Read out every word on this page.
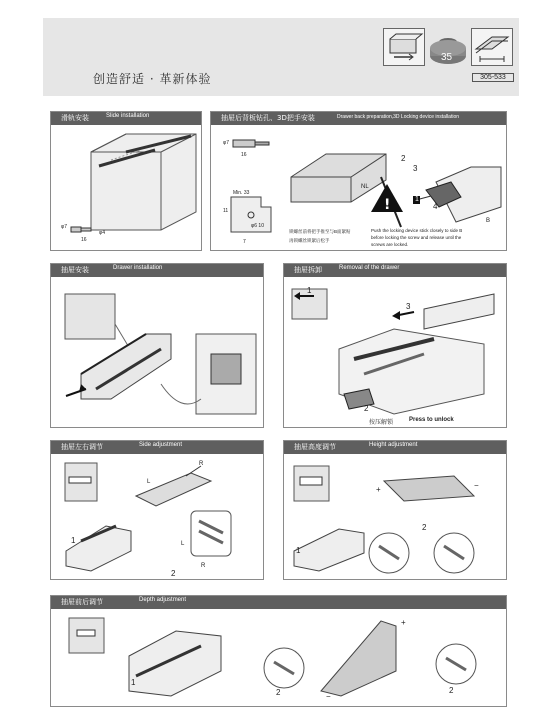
创造舒适 · 革新体验
35
305-533
滑轨安装	Slide installation
φ7
16
φ4
抽屉后背板钻孔、3D把手安装	Drawer back preparation,3D Locking device installation
!
φ7
16
Min. 33
11
φ6 10
7
NL
1
2
3
4
B
锁螺丝前将把手推至与B面紧贴
再锁螺丝锁紧后松手
Push the locking device stick closely to side B
before locking the screw and release until the
screws are locked.
抽屉安装	Drawer installation	抽屉拆卸	Removal of the drawer
1
2
3
按压解锁	Press to unlock
抽屉左右调节	Side adjustment
1
2
L
R
L
R
抽屉高度调节	Height adjustment
1
2
+	−
抽屉前后调节	Depth adjustment
1
2	2
+
−
